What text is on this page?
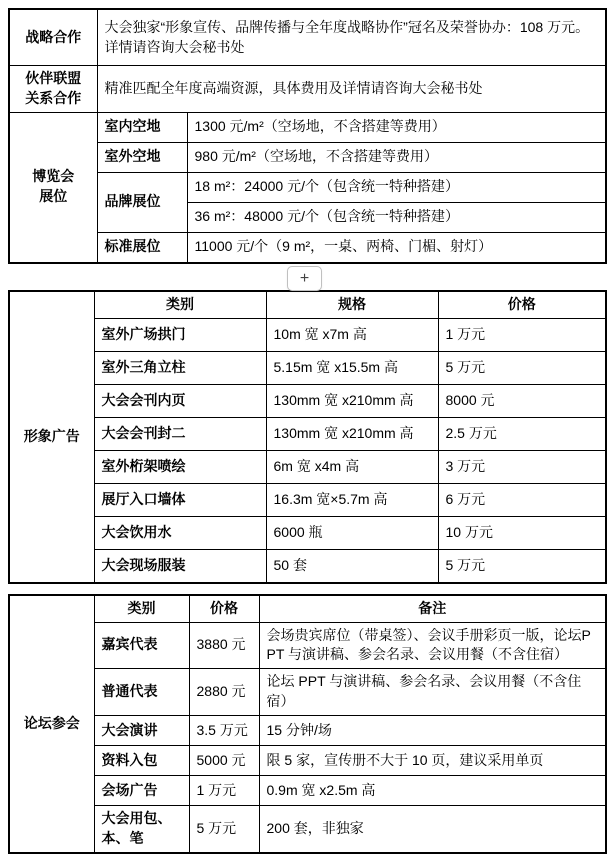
战略合作	大会独家“形象宣传、品牌传播与全年度战略协作”冠名及荣誉协办：108 万元。详情请咨询大会秘书处	

伙伴联盟
关系合作	精准匹配全年度高端资源，具体费用及详情请咨询大会秘书处	

博览会
展位	室内空地	1300 元/m²（空场地，不含搭建等费用）
	室外空地	980 元/m²（空场地，不含搭建等费用）
	品牌展位	18 m²：24000 元/个（包含统一特种搭建）
		36 m²：48000 元/个（包含统一特种搭建）
	标准展位	11000 元/个（9 m²，一桌、两椅、门楣、射灯）
形象广告	类别	规格	价格
	室外广场拱门	10m 宽 x7m 高	1 万元
	室外三角立柱	5.15m 宽 x15.5m 高	5 万元
	大会会刊内页	130mm 宽 x210mm 高	8000 元
	大会会刊封二	130mm 宽 x210mm 高	2.5 万元
	室外桁架喷绘	6m 宽 x4m 高	3 万元
	展厅入口墙体	16.3m 宽×5.7m 高	6 万元
	大会饮用水	6000 瓶	10 万元
	大会现场服装	50 套	5 万元
论坛参会	类别	价格	备注
	嘉宾代表	3880 元	会场贵宾席位（带桌签）、会议手册彩页一版，论坛PPT 与演讲稿、参会名录、会议用餐（不含住宿）
	普通代表	2880 元	论坛 PPT 与演讲稿、参会名录、会议用餐（不含住宿）
	大会演讲	3.5 万元	15 分钟/场
	资料入包	5000 元	限 5 家，宣传册不大于 10 页，建议采用单页
	会场广告	1 万元	0.9m 宽 x2.5m 高
	大会用包、本、笔	5 万元	200 套，非独家
+
